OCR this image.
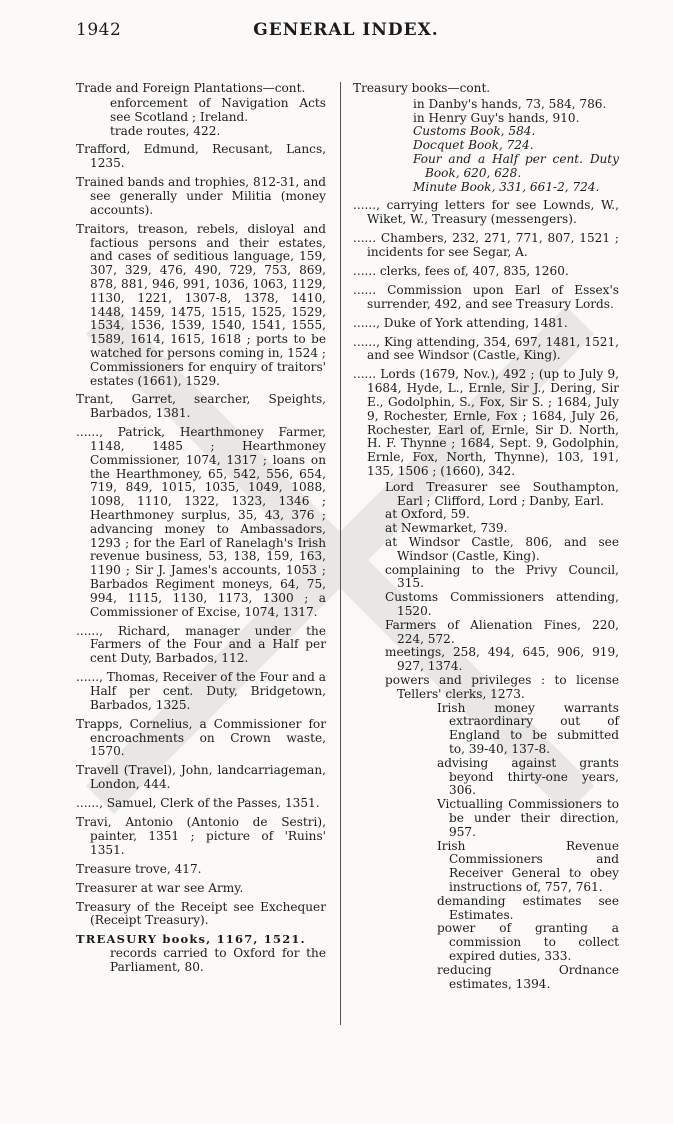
1942	GENERAL INDEX.

Trade and Foreign Plantations—cont.

enforcement of Navigation Acts see Scotland ; Ireland.

trade routes, 422.

Trafford, Edmund, Recusant, Lancs, 1235.

Trained bands and trophies, 812-31, and see generally under Militia (money accounts).

Traitors, treason, rebels, disloyal and factious persons and their estates, and cases of seditious language, 159, 307, 329, 476, 490, 729, 753, 869, 878, 881, 946, 991, 1036, 1063, 1129, 1130, 1221, 1307-8, 1378, 1410, 1448, 1459, 1475, 1515, 1525, 1529, 1534, 1536, 1539, 1540, 1541, 1555, 1589, 1614, 1615, 1618 ; ports to be watched for persons coming in, 1524 ; Commissioners for enquiry of traitors' estates (1661), 1529.

Trant, Garret, searcher, Speights, Barbados, 1381.

......, Patrick, Hearthmoney Farmer, 1148, 1485 ; Hearthmoney Commissioner, 1074, 1317 ; loans on the Hearthmoney, 65, 542, 556, 654, 719, 849, 1015, 1035, 1049, 1088, 1098, 1110, 1322, 1323, 1346 ; Hearthmoney surplus, 35, 43, 376 ; advancing money to Ambassadors, 1293 ; for the Earl of Ranelagh's Irish revenue business, 53, 138, 159, 163, 1190 ; Sir J. James's accounts, 1053 ; Barbados Regiment moneys, 64, 75, 994, 1115, 1130, 1173, 1300 ; a Commissioner of Excise, 1074, 1317.

......, Richard, manager under the Farmers of the Four and a Half per cent Duty, Barbados, 112.

......, Thomas, Receiver of the Four and a Half per cent. Duty, Bridgetown, Barbados, 1325.

Trapps, Cornelius, a Commissioner for encroachments on Crown waste, 1570.

Travell (Travel), John, landcarriageman, London, 444.

......, Samuel, Clerk of the Passes, 1351.

Travi, Antonio (Antonio de Sestri), painter, 1351 ; picture of 'Ruins' 1351.

Treasure trove, 417.

Treasurer at war see Army.

Treasury of the Receipt see Exchequer (Receipt Treasury).

TREASURY books, 1167, 1521.

records carried to Oxford for the Parliament, 80.

Treasury books—cont.

in Danby's hands, 73, 584, 786.

in Henry Guy's hands, 910.

Customs Book, 584.

Docquet Book, 724.

Four and a Half per cent. Duty Book, 620, 628.

Minute Book, 331, 661-2, 724.

......, carrying letters for see Lownds, W., Wiket, W., Treasury (messengers).

...... Chambers, 232, 271, 771, 807, 1521 ; incidents for see Segar, A.

...... clerks, fees of, 407, 835, 1260.

...... Commission upon Earl of Essex's surrender, 492, and see Treasury Lords.

......, Duke of York attending, 1481.

......, King attending, 354, 697, 1481, 1521, and see Windsor (Castle, King).

...... Lords (1679, Nov.), 492 ; (up to July 9, 1684, Hyde, L., Ernle, Sir J., Dering, Sir E., Godolphin, S., Fox, Sir S. ; 1684, July 9, Rochester, Ernle, Fox ; 1684, July 26, Rochester, Earl of, Ernle, Sir D. North, H. F. Thynne ; 1684, Sept. 9, Godolphin, Ernle, Fox, North, Thynne), 103, 191, 135, 1506 ; (1660), 342.

Lord Treasurer see Southampton, Earl ; Clifford, Lord ; Danby, Earl.

at Oxford, 59.

at Newmarket, 739.

at Windsor Castle, 806, and see Windsor (Castle, King).

complaining to the Privy Council, 315.

Customs Commissioners attending, 1520.

Farmers of Alienation Fines, 220, 224, 572.

meetings, 258, 494, 645, 906, 919, 927, 1374.

powers and privileges : to license Tellers' clerks, 1273.

Irish money warrants extraordinary out of England to be submitted to, 39-40, 137-8.

advising against grants beyond thirty-one years, 306.

Victualling Commissioners to be under their direction, 957.

Irish Revenue Commissioners and Receiver General to obey instructions of, 757, 761.

demanding estimates see Estimates.

power of granting a commission to collect expired duties, 333.

reducing Ordnance estimates, 1394.
